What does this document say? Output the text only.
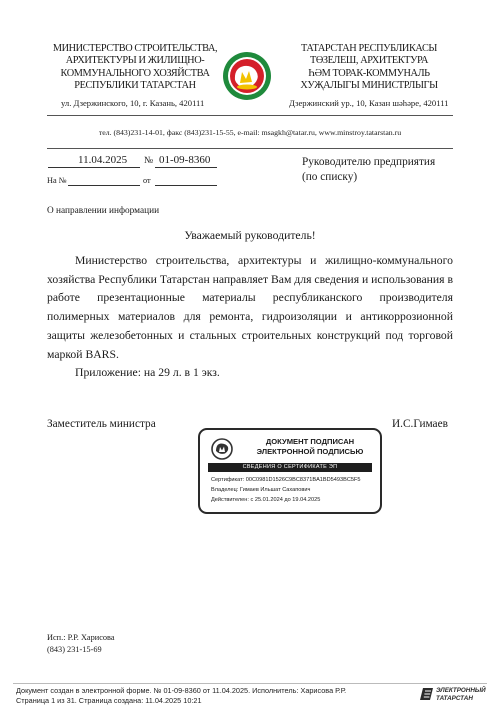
МИНИСТЕРСТВО СТРОИТЕЛЬСТВА,
АРХИТЕКТУРЫ И ЖИЛИЩНО-
КОММУНАЛЬНОГО ХОЗЯЙСТВА
РЕСПУБЛИКИ ТАТАРСТАН
ТАТАРСТАН РЕСПУБЛИКАСЫ
ТӨЗЕЛЕШ, АРХИТЕКТУРА
ҺӘМ ТОРАК-КОММУНАЛЬ
ХУҖАЛЫГЫ МИНИСТРЛЫГЫ
ул. Дзержинского, 10, г. Казань, 420111	Дзержинский ур., 10, Казан шәһәре, 420111
тел. (843)231-14-01, факс (843)231-15-55, e-mail: msagkh@tatar.ru, www.minstroy.tatarstan.ru
11.04.2025 № 01-09-8360
На №	от
Руководителю предприятия
(по списку)
О направлении информации
Уважаемый руководитель!

Министерство строительства, архитектуры и жилищно-коммунального хозяйства Республики Татарстан направляет Вам для сведения и использования в работе презентационные материалы республиканского производителя полимерных материалов для ремонта, гидроизоляции и антикоррозионной защиты железобетонных и стальных строительных конструкций под торговой маркой BARS.

Приложение: на 29 л. в 1 экз.

Заместитель министра	И.С.Гимаев
ДОКУМЕНТ ПОДПИСАН
ЭЛЕКТРОННОЙ ПОДПИСЬЮ
СВЕДЕНИЯ О СЕРТИФИКАТЕ ЭП
Сертификат: 00C0981D1526C9BC8371BA1BD5493BC5F5
Владелец: Гимаев Ильшат Сахапович
Действителен: с 25.01.2024 до 19.04.2025
Исп.: Р.Р. Харисова
(843) 231-15-69
Документ создан в электронной форме. № 01-09-8360 от 11.04.2025. Исполнитель: Харисова Р.Р.
Страница 1 из 31. Страница создана: 11.04.2025 10:21
ЭЛЕКТРОННЫЙ
ТАТАРСТАН
